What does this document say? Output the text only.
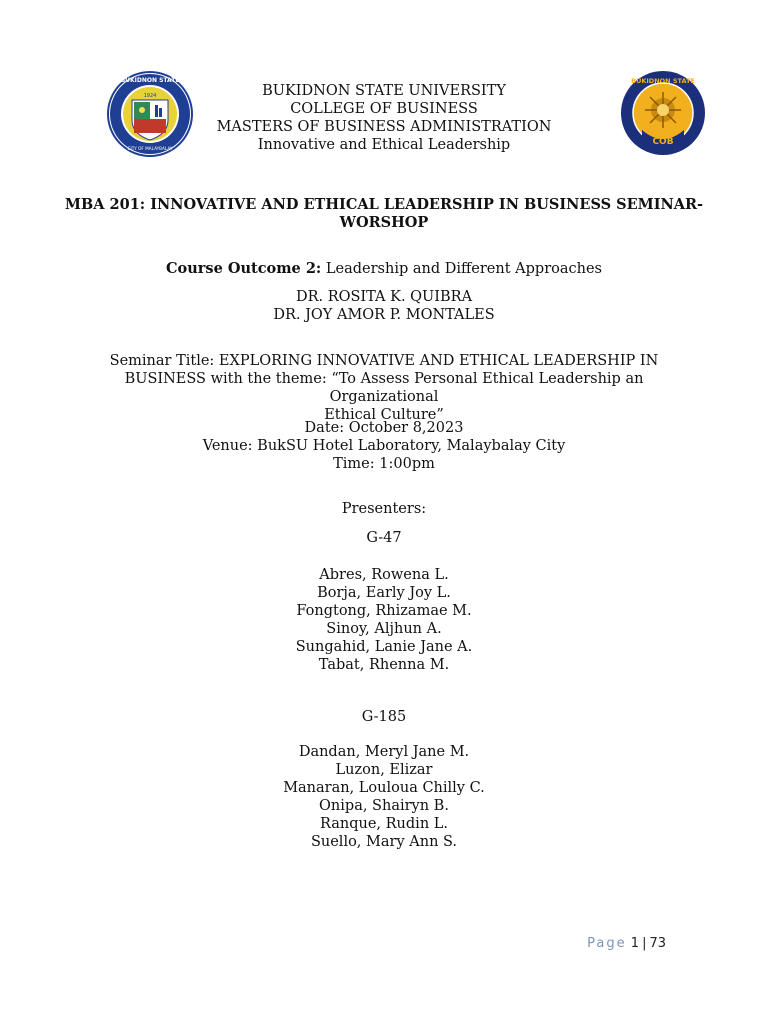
1924
BUKIDNON STATE
CITY OF MALAYBALAY
BUKIDNON STATE
COB
BUKIDNON STATE UNIVERSITY
COLLEGE OF BUSINESS
MASTERS OF BUSINESS ADMINISTRATION
Innovative and Ethical Leadership
MBA 201: INNOVATIVE AND ETHICAL LEADERSHIP IN BUSINESS SEMINAR-
WORSHOP
Course Outcome 2: Leadership and Different Approaches
DR. ROSITA K. QUIBRA
DR. JOY AMOR P. MONTALES
Seminar Title: EXPLORING INNOVATIVE AND ETHICAL LEADERSHIP IN
BUSINESS with the theme: “To Assess Personal Ethical Leadership an Organizational
Ethical Culture”
Date: October 8,2023
Venue: BukSU Hotel Laboratory, Malaybalay City
Time: 1:00pm
Presenters:
G-47
Abres, Rowena L.
Borja, Early Joy L.
Fongtong, Rhizamae M.
Sinoy, Aljhun A.
Sungahid, Lanie Jane A.
Tabat, Rhenna M.
G-185
Dandan, Meryl Jane M.
Luzon, Elizar
Manaran, Louloua Chilly C.
Onipa, Shairyn B.
Ranque, Rudin L.
Suello, Mary Ann S.
Page 1 | 73
